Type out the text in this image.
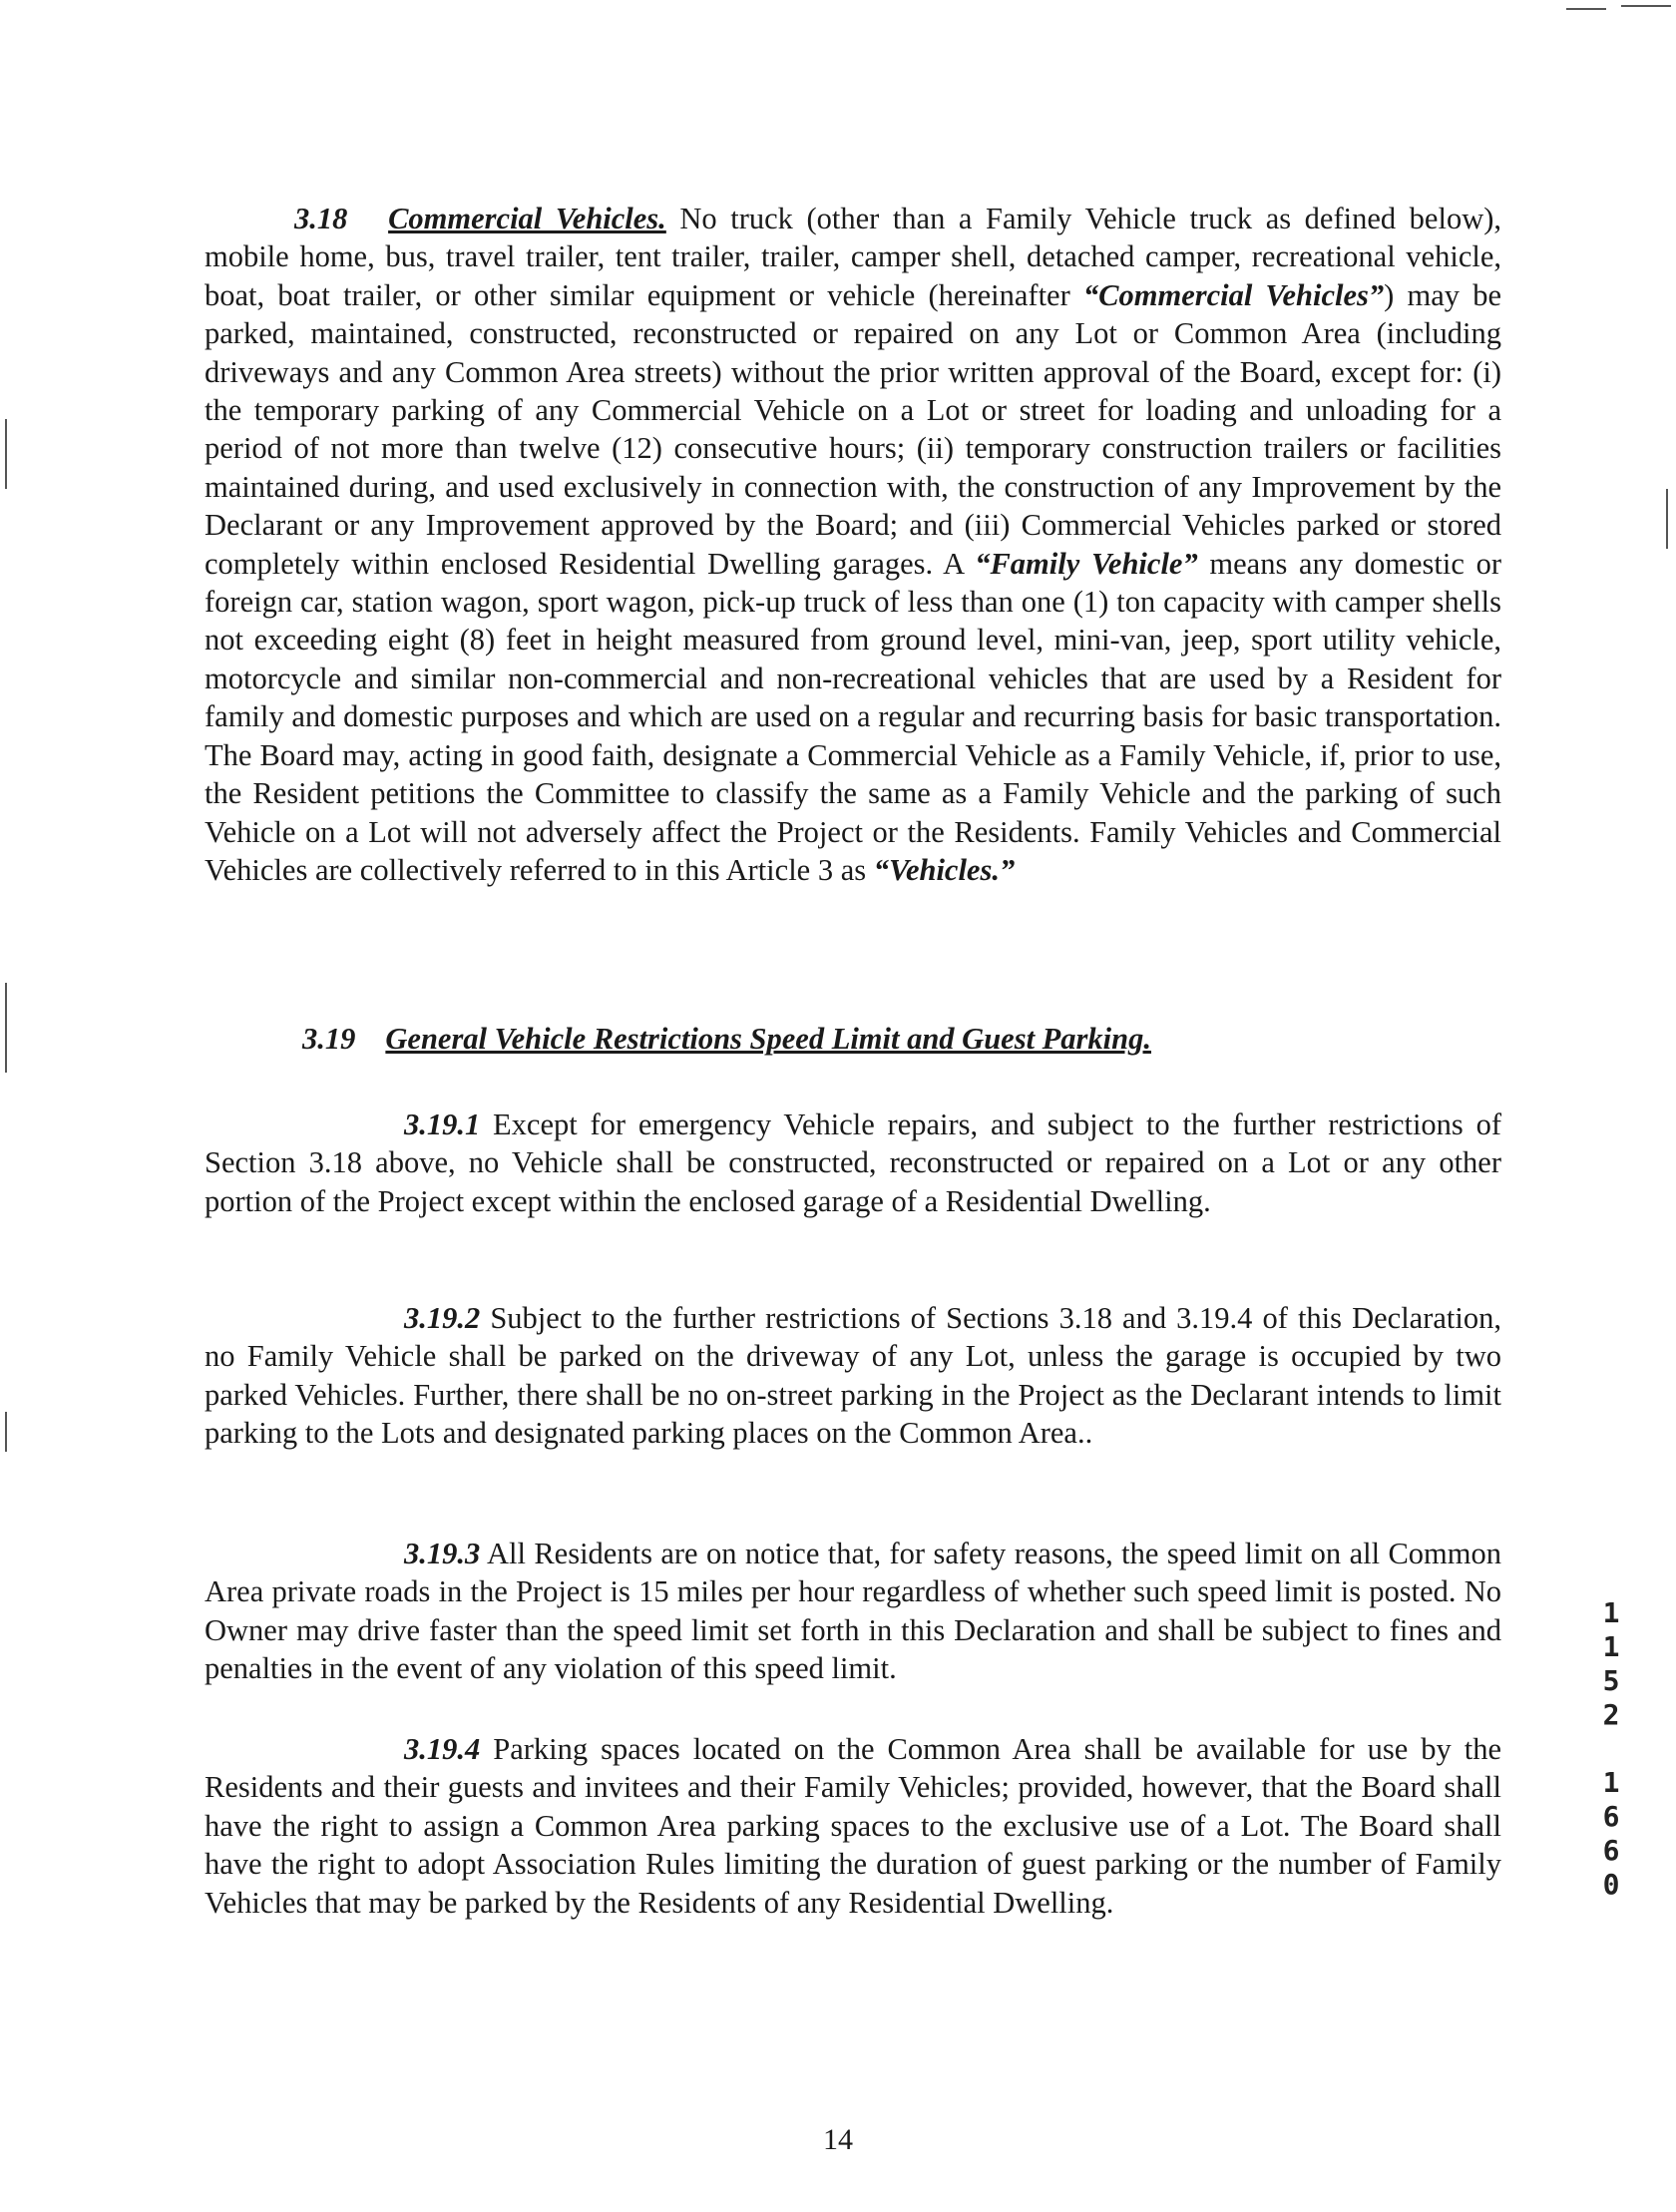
3.18 Commercial Vehicles. No truck (other than a Family Vehicle truck as defined below), mobile home, bus, travel trailer, tent trailer, trailer, camper shell, detached camper, recreational vehicle, boat, boat trailer, or other similar equipment or vehicle (hereinafter “Commercial Vehicles”) may be parked, maintained, constructed, reconstructed or repaired on any Lot or Common Area (including driveways and any Common Area streets) without the prior written approval of the Board, except for: (i) the temporary parking of any Commercial Vehicle on a Lot or street for loading and unloading for a period of not more than twelve (12) consecutive hours; (ii) temporary construction trailers or facilities maintained during, and used exclusively in connection with, the construction of any Improvement by the Declarant or any Improvement approved by the Board; and (iii) Commercial Vehicles parked or stored completely within enclosed Residential Dwelling garages. A “Family Vehicle” means any domestic or foreign car, station wagon, sport wagon, pick-up truck of less than one (1) ton capacity with camper shells not exceeding eight (8) feet in height measured from ground level, mini-van, jeep, sport utility vehicle, motorcycle and similar non-commercial and non-recreational vehicles that are used by a Resident for family and domestic purposes and which are used on a regular and recurring basis for basic transportation. The Board may, acting in good faith, designate a Commercial Vehicle as a Family Vehicle, if, prior to use, the Resident petitions the Committee to classify the same as a Family Vehicle and the parking of such Vehicle on a Lot will not adversely affect the Project or the Residents. Family Vehicles and Commercial Vehicles are collectively referred to in this Article 3 as “Vehicles.”

3.19 General Vehicle Restrictions Speed Limit and Guest Parking.

3.19.1 Except for emergency Vehicle repairs, and subject to the further restrictions of Section 3.18 above, no Vehicle shall be constructed, reconstructed or repaired on a Lot or any other portion of the Project except within the enclosed garage of a Residential Dwelling.

3.19.2 Subject to the further restrictions of Sections 3.18 and 3.19.4 of this Declaration, no Family Vehicle shall be parked on the driveway of any Lot, unless the garage is occupied by two parked Vehicles. Further, there shall be no on-street parking in the Project as the Declarant intends to limit parking to the Lots and designated parking places on the Common Area..

3.19.3 All Residents are on notice that, for safety reasons, the speed limit on all Common Area private roads in the Project is 15 miles per hour regardless of whether such speed limit is posted. No Owner may drive faster than the speed limit set forth in this Declaration and shall be subject to fines and penalties in the event of any violation of this speed limit.

3.19.4 Parking spaces located on the Common Area shall be available for use by the Residents and their guests and invitees and their Family Vehicles; provided, however, that the Board shall have the right to assign a Common Area parking spaces to the exclusive use of a Lot. The Board shall have the right to adopt Association Rules limiting the duration of guest parking or the number of Family Vehicles that may be parked by the Residents of any Residential Dwelling.

14
1
1
5
2
1
6
6
0
